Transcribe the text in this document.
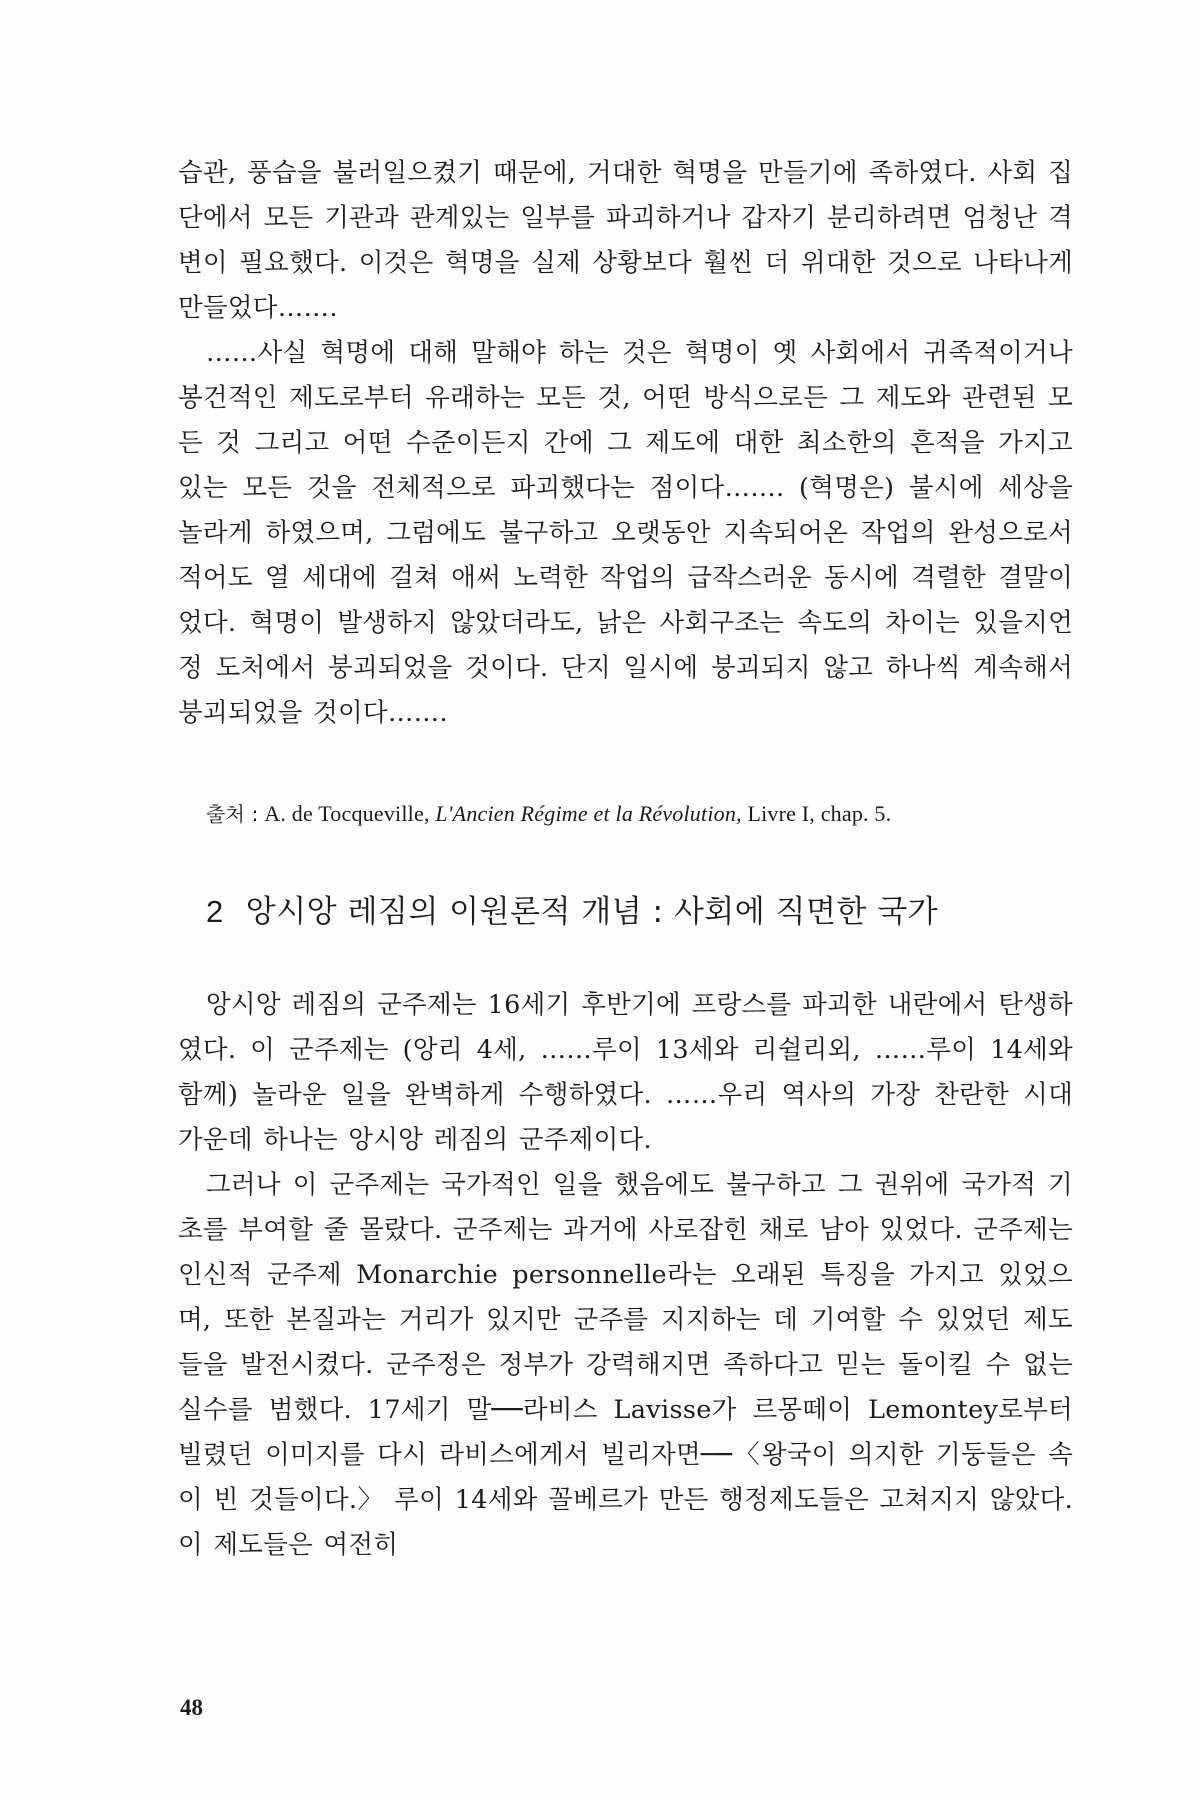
습관, 풍습을 불러일으켰기 때문에, 거대한 혁명을 만들기에 족하였다. 사회 집단에서 모든 기관과 관계있는 일부를 파괴하거나 갑자기 분리하려면 엄청난 격변이 필요했다. 이것은 혁명을 실제 상황보다 훨씬 더 위대한 것으로 나타나게 만들었다…….

……사실 혁명에 대해 말해야 하는 것은 혁명이 옛 사회에서 귀족적이거나 봉건적인 제도로부터 유래하는 모든 것, 어떤 방식으로든 그 제도와 관련된 모든 것 그리고 어떤 수준이든지 간에 그 제도에 대한 최소한의 흔적을 가지고 있는 모든 것을 전체적으로 파괴했다는 점이다……. (혁명은) 불시에 세상을 놀라게 하였으며, 그럼에도 불구하고 오랫동안 지속되어온 작업의 완성으로서 적어도 열 세대에 걸쳐 애써 노력한 작업의 급작스러운 동시에 격렬한 결말이었다. 혁명이 발생하지 않았더라도, 낡은 사회구조는 속도의 차이는 있을지언정 도처에서 붕괴되었을 것이다. 단지 일시에 붕괴되지 않고 하나씩 계속해서 붕괴되었을 것이다…….

출처 : A. de Tocqueville, L'Ancien Régime et la Révolution, Livre I, chap. 5.
2 앙시앙 레짐의 이원론적 개념 : 사회에 직면한 국가

앙시앙 레짐의 군주제는 16세기 후반기에 프랑스를 파괴한 내란에서 탄생하였다. 이 군주제는 (앙리 4세, ……루이 13세와 리쉴리외, ……루이 14세와 함께) 놀라운 일을 완벽하게 수행하였다. ……우리 역사의 가장 찬란한 시대 가운데 하나는 앙시앙 레짐의 군주제이다.

그러나 이 군주제는 국가적인 일을 했음에도 불구하고 그 권위에 국가적 기초를 부여할 줄 몰랐다. 군주제는 과거에 사로잡힌 채로 남아 있었다. 군주제는 인신적 군주제 Monarchie personnelle라는 오래된 특징을 가지고 있었으며, 또한 본질과는 거리가 있지만 군주를 지지하는 데 기여할 수 있었던 제도들을 발전시켰다. 군주정은 정부가 강력해지면 족하다고 믿는 돌이킬 수 없는 실수를 범했다. 17세기 말──라비스 Lavisse가 르몽떼이 Lemontey로부터 빌렸던 이미지를 다시 라비스에게서 빌리자면──〈왕국이 의지한 기둥들은 속이 빈 것들이다.〉 루이 14세와 꼴베르가 만든 행정제도들은 고쳐지지 않았다. 이 제도들은 여전히

48
